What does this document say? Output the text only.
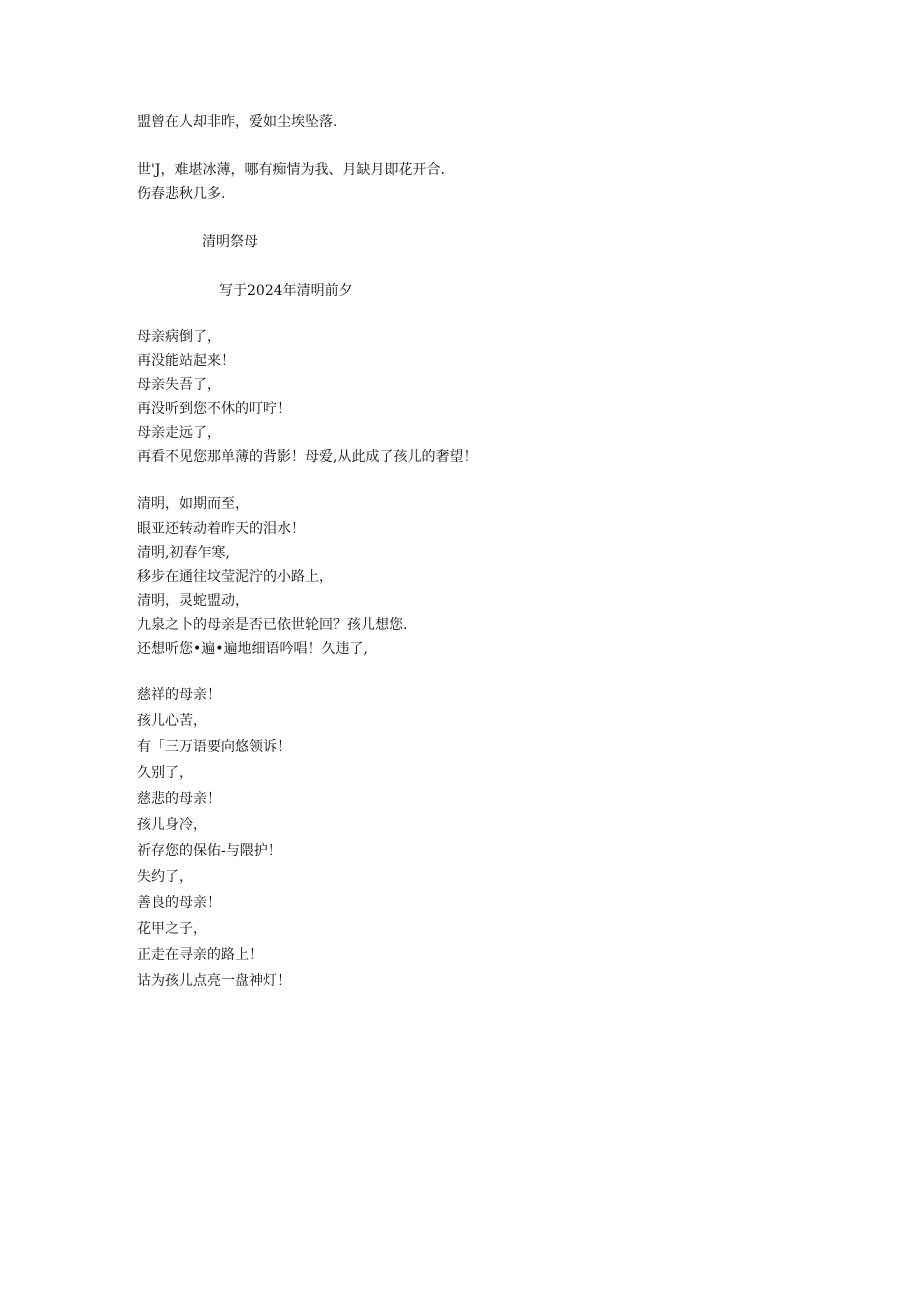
盟曾在人却非昨，爱如尘埃坠落.
世'J，难堪冰薄，哪有痴情为我、月缺月即花开合.
伤春悲秋几多.
清明祭母
写于2024年清明前夕
母亲病倒了，
再没能站起来！
母亲失吾了，
再没听到您不休的叮咛！
母亲走远了，
再看不见您那单薄的背影！母爱,从此成了孩儿的奢望！
清明，如期而至，
眼亚还转动着昨天的泪水！
清明,初春乍寒,
移步在通往坟莹泥泞的小路上，
清明，灵蛇盟动，
九泉之卜的母亲是否已依世轮回？孩儿想您.
还想听您•遍•遍地细语吟唱！久违了,
慈祥的母亲！
孩儿心苦，
有「三万语要向悠领诉！
久别了，
慈悲的母亲！
孩儿身冷，
祈存您的保佑-与隈护！
失约了，
善良的母亲！
花甲之子，
正走在寻亲的路上！
诂为孩儿点亮一盘神灯！
